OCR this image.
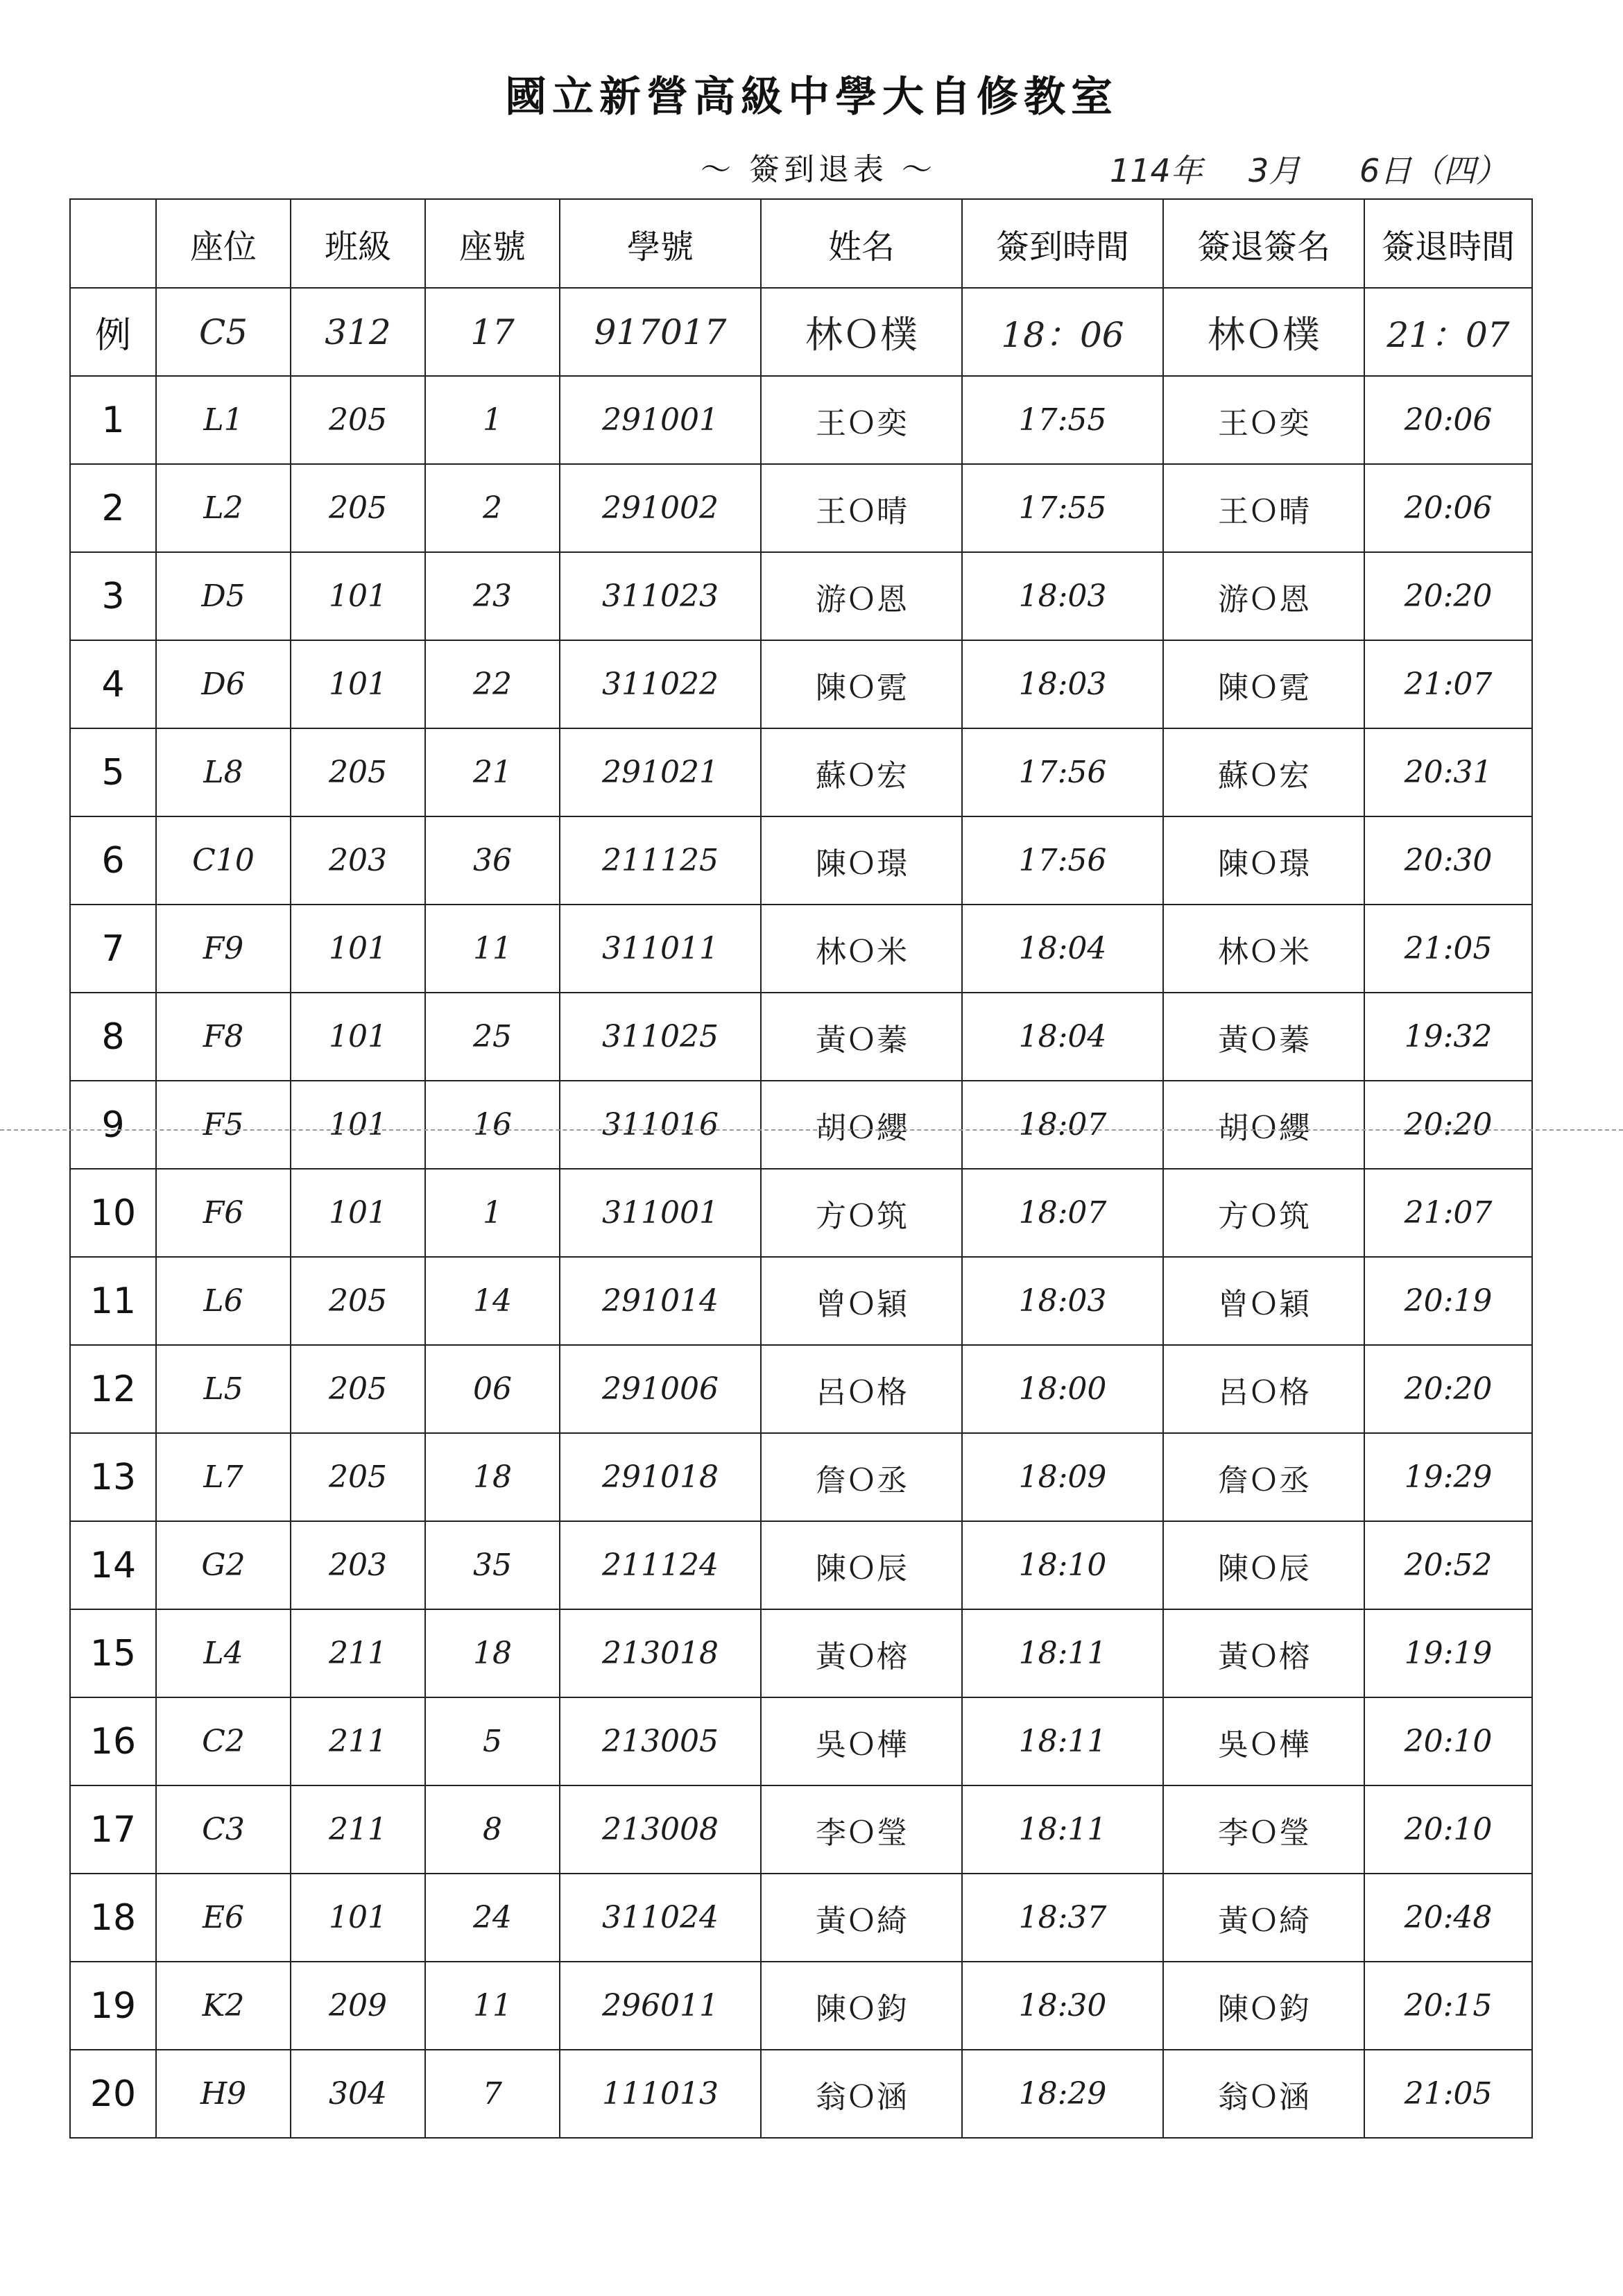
國立新營高級中學大自修教室
～ 簽到退表 ～	114年 3月 6日（四）
	座位	班級	座號	學號	姓名	簽到時間	簽退簽名	簽退時間
例	C5	312	17	917017	林Ｏ樸	18：06	林Ｏ樸	21：07
1	L1	205	1	291001	王Ｏ奕	17:55	王Ｏ奕	20:06
2	L2	205	2	291002	王Ｏ晴	17:55	王Ｏ晴	20:06
3	D5	101	23	311023	游Ｏ恩	18:03	游Ｏ恩	20:20
4	D6	101	22	311022	陳Ｏ霓	18:03	陳Ｏ霓	21:07
5	L8	205	21	291021	蘇Ｏ宏	17:56	蘇Ｏ宏	20:31
6	C10	203	36	211125	陳Ｏ璟	17:56	陳Ｏ璟	20:30
7	F9	101	11	311011	林Ｏ米	18:04	林Ｏ米	21:05
8	F8	101	25	311025	黃Ｏ蓁	18:04	黃Ｏ蓁	19:32
9	F5	101	16	311016	胡Ｏ纓	18:07	胡Ｏ纓	20:20
10	F6	101	1	311001	方Ｏ筑	18:07	方Ｏ筑	21:07
11	L6	205	14	291014	曾Ｏ穎	18:03	曾Ｏ穎	20:19
12	L5	205	06	291006	呂Ｏ格	18:00	呂Ｏ格	20:20
13	L7	205	18	291018	詹Ｏ丞	18:09	詹Ｏ丞	19:29
14	G2	203	35	211124	陳Ｏ辰	18:10	陳Ｏ辰	20:52
15	L4	211	18	213018	黃Ｏ榕	18:11	黃Ｏ榕	19:19
16	C2	211	5	213005	吳Ｏ樺	18:11	吳Ｏ樺	20:10
17	C3	211	8	213008	李Ｏ瑩	18:11	李Ｏ瑩	20:10
18	E6	101	24	311024	黃Ｏ綺	18:37	黃Ｏ綺	20:48
19	K2	209	11	296011	陳Ｏ鈞	18:30	陳Ｏ鈞	20:15
20	H9	304	7	111013	翁Ｏ涵	18:29	翁Ｏ涵	21:05
